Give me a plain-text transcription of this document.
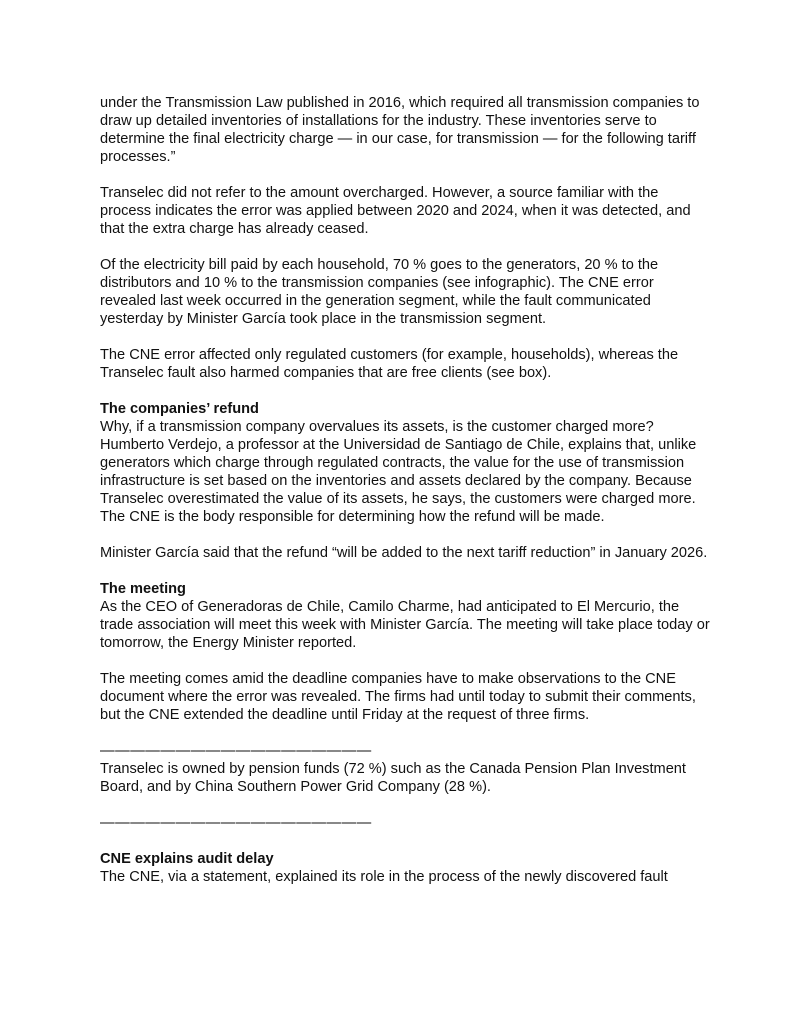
under the Transmission Law published in 2016, which required all transmission companies to draw up detailed inventories of installations for the industry. These inventories serve to determine the final electricity charge — in our case, for transmission — for the following tariff processes.”

Transelec did not refer to the amount overcharged. However, a source familiar with the process indicates the error was applied between 2020 and 2024, when it was detected, and that the extra charge has already ceased.

Of the electricity bill paid by each household, 70 % goes to the generators, 20 % to the distributors and 10 % to the transmission companies (see infographic). The CNE error revealed last week occurred in the generation segment, while the fault communicated yesterday by Minister García took place in the transmission segment.

The CNE error affected only regulated customers (for example, households), whereas the Transelec fault also harmed companies that are free clients (see box).

The companies’ refund

Why, if a transmission company overvalues its assets, is the customer charged more? Humberto Verdejo, a professor at the Universidad de Santiago de Chile, explains that, unlike generators which charge through regulated contracts, the value for the use of transmission infrastructure is set based on the inventories and assets declared by the company. Because Transelec overestimated the value of its assets, he says, the customers were charged more. The CNE is the body responsible for determining how the refund will be made.

Minister García said that the refund “will be added to the next tariff reduction” in January 2026.

The meeting

As the CEO of Generadoras de Chile, Camilo Charme, had anticipated to El Mercurio, the trade association will meet this week with Minister García. The meeting will take place today or tomorrow, the Energy Minister reported.

The meeting comes amid the deadline companies have to make observations to the CNE document where the error was revealed. The firms had until today to submit their comments, but the CNE extended the deadline until Friday at the request of three firms.

——————————————————

Transelec is owned by pension funds (72 %) such as the Canada Pension Plan Investment Board, and by China Southern Power Grid Company (28 %).

——————————————————

CNE explains audit delay

The CNE, via a statement, explained its role in the process of the newly discovered fault
